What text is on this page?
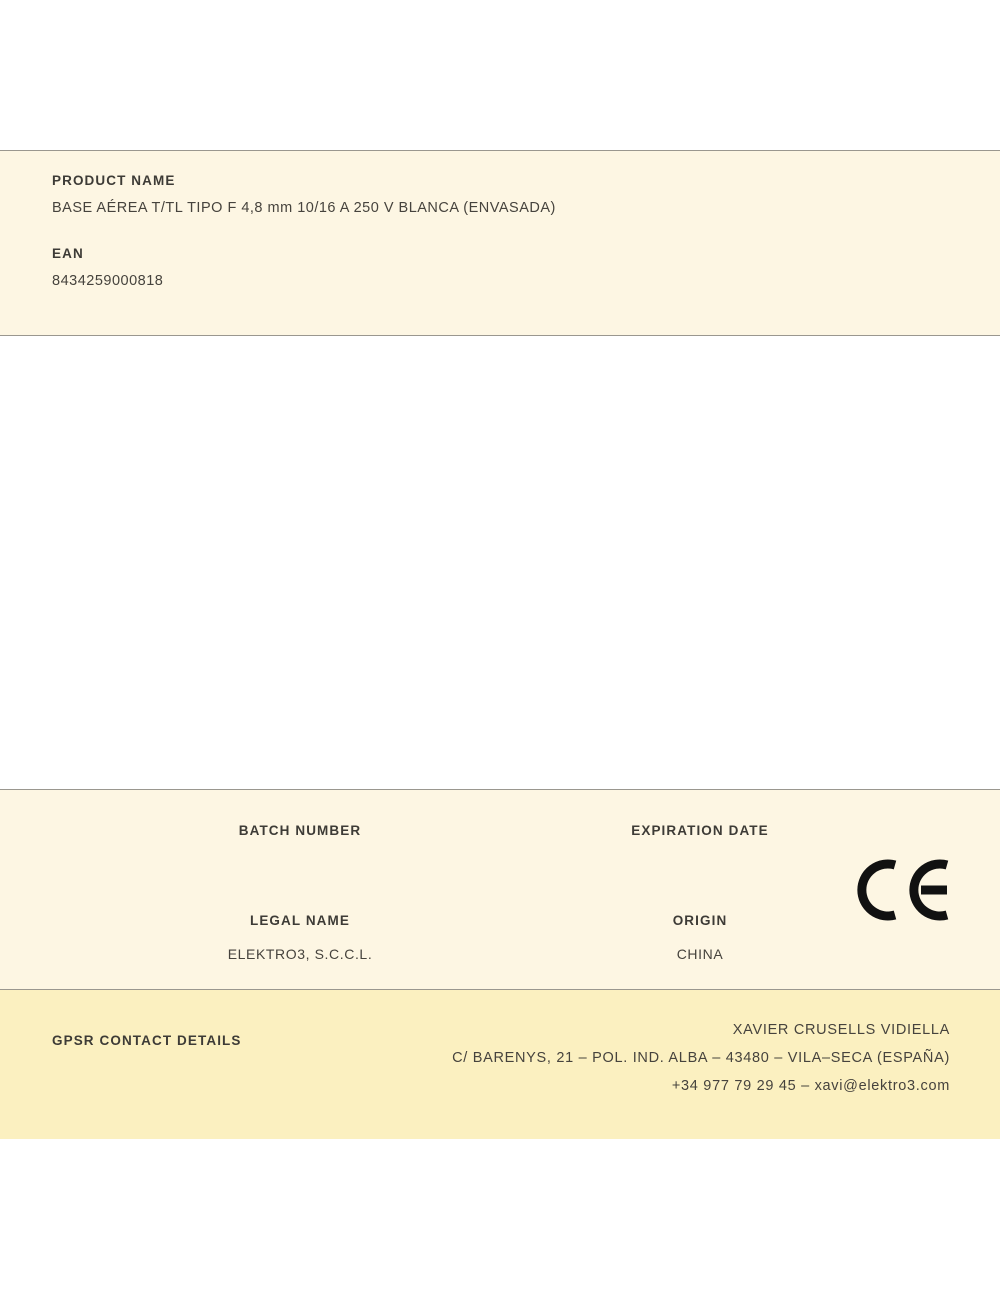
PRODUCT NAME

BASE AÉREA T/TL TIPO F 4,8 mm 10/16 A 250 V BLANCA (ENVASADA)

EAN

8434259000818

BATCH NUMBER	EXPIRATION DATE

LEGAL NAME

ELEKTRO3, S.C.C.L.

ORIGIN

CHINA

GPSR CONTACT DETAILS

XAVIER CRUSELLS VIDIELLA

C/ BARENYS, 21 – POL. IND. ALBA – 43480 – VILA–SECA (ESPAÑA)

+34 977 79 29 45 – xavi@elektro3.com
